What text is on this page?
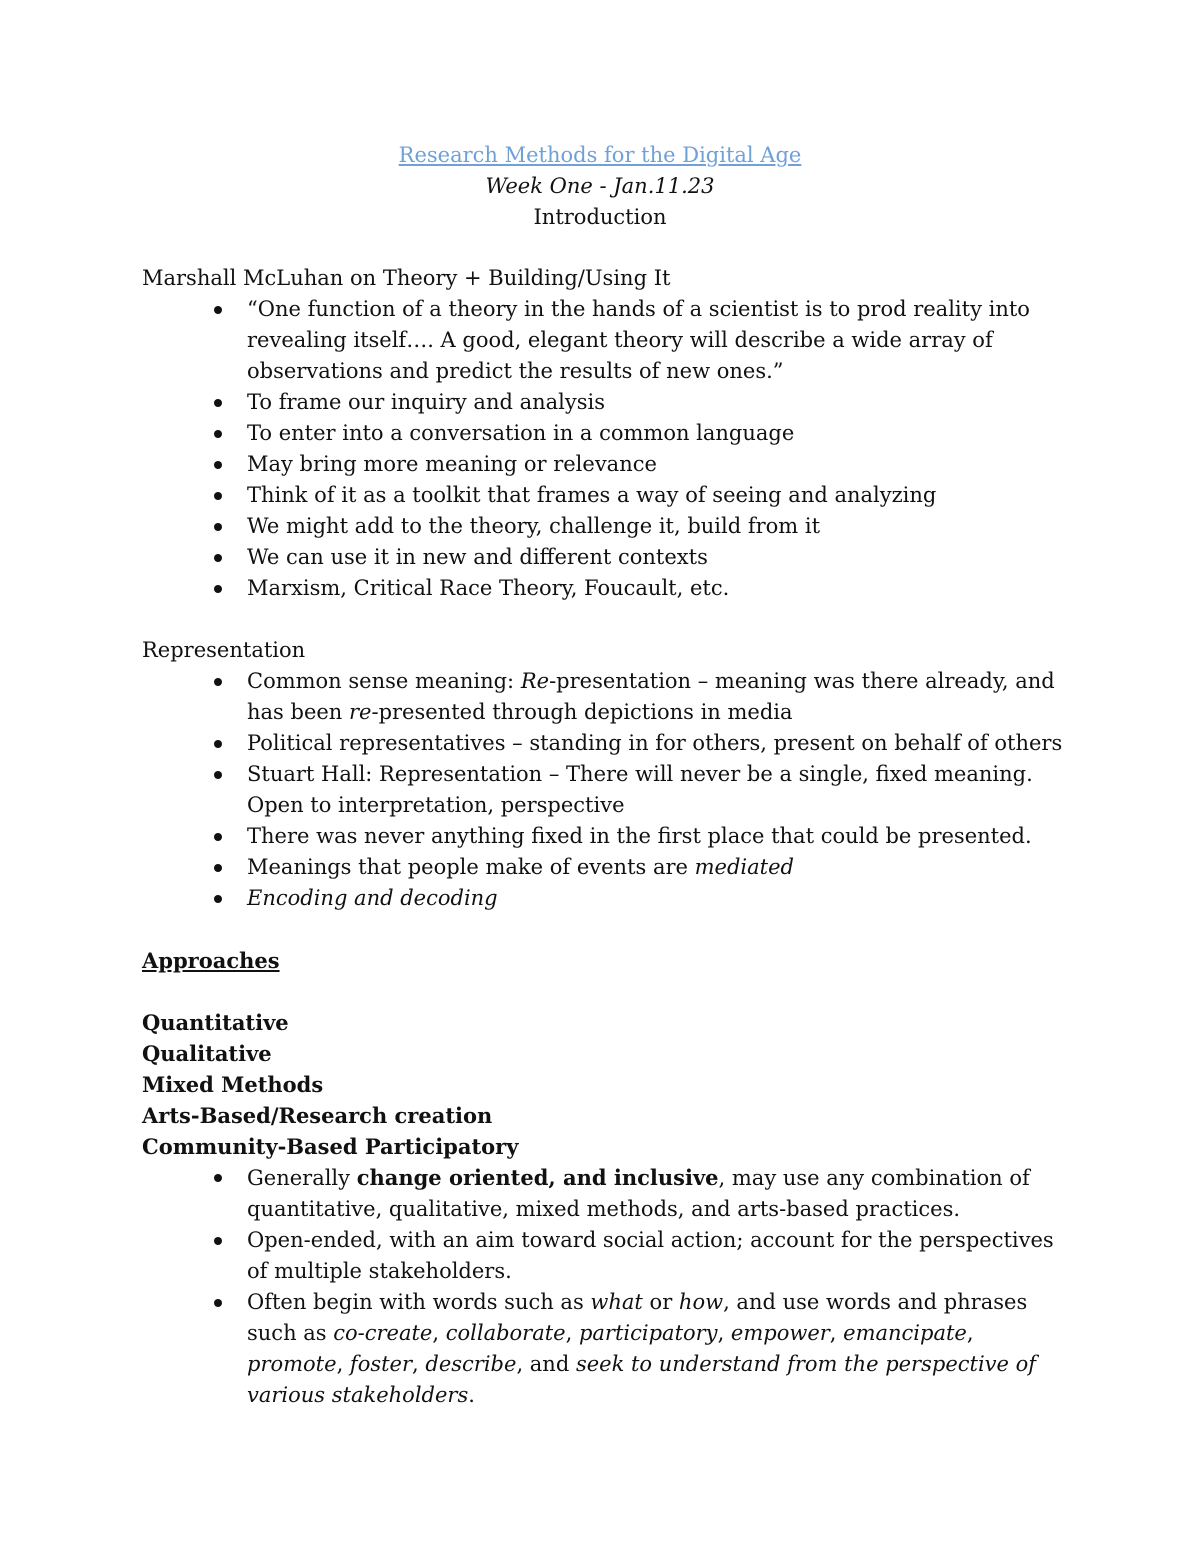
Research Methods for the Digital Age
Week One - Jan.11.23
Introduction

Marshall McLuhan on Theory + Building/Using It

“One function of a theory in the hands of a scientist is to prod reality into revealing itself…. A good, elegant theory will describe a wide array of observations and predict the results of new ones.”
To frame our inquiry and analysis
To enter into a conversation in a common language
May bring more meaning or relevance
Think of it as a toolkit that frames a way of seeing and analyzing
We might add to the theory, challenge it, build from it
We can use it in new and different contexts
Marxism, Critical Race Theory, Foucault, etc.

Representation

Common sense meaning: Re-presentation – meaning was there already, and has been re-presented through depictions in media
Political representatives – standing in for others, present on behalf of others
Stuart Hall: Representation – There will never be a single, fixed meaning. Open to interpretation, perspective
There was never anything fixed in the first place that could be presented.
Meanings that people make of events are mediated
Encoding and decoding

Approaches

Quantitative

Qualitative

Mixed Methods

Arts-Based/Research creation

Community-Based Participatory

Generally change oriented, and inclusive, may use any combination of quantitative, qualitative, mixed methods, and arts-based practices.
Open-ended, with an aim toward social action; account for the perspectives of multiple stakeholders.
Often begin with words such as what or how, and use words and phrases such as co-create, collaborate, participatory, empower, emancipate, promote, foster, describe, and seek to understand from the perspective of various stakeholders.
